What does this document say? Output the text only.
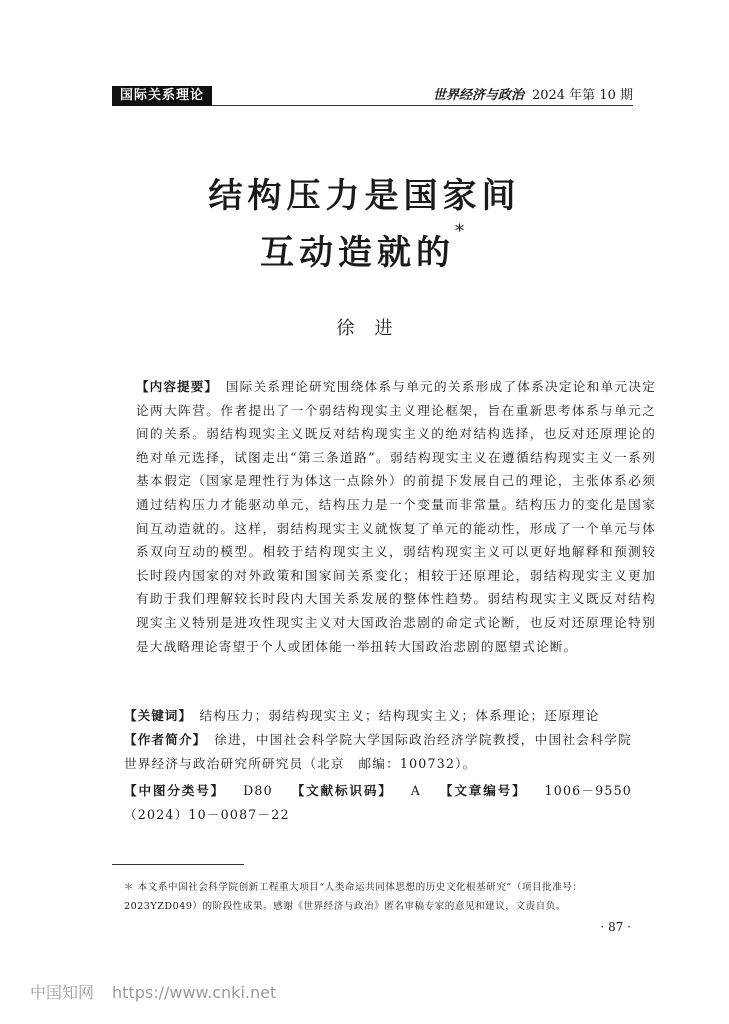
国际关系理论	世界经济与政治 2024 年第 10 期
结构压力是国家间
互动造就的*
徐进
【内容提要】　 国际关系理论研究围绕体系与单元的关系形成了体系决定论和单元决定论两大阵营。作者提出了一个弱结构现实主义理论框架，旨在重新思考体系与单元之间的关系。弱结构现实主义既反对结构现实主义的绝对结构选择，也反对还原理论的绝对单元选择，试图走出“第三条道路”。弱结构现实主义在遵循结构现实主义一系列基本假定（国家是理性行为体这一点除外）的前提下发展自己的理论，主张体系必须通过结构压力才能驱动单元，结构压力是一个变量而非常量。结构压力的变化是国家间互动造就的。这样，弱结构现实主义就恢复了单元的能动性，形成了一个单元与体系双向互动的模型。相较于结构现实主义，弱结构现实主义可以更好地解释和预测较长时段内国家的对外政策和国家间关系变化；相较于还原理论，弱结构现实主义更加有助于我们理解较长时段内大国关系发展的整体性趋势。弱结构现实主义既反对结构现实主义特别是进攻性现实主义对大国政治悲剧的命定式论断，也反对还原理论特别是大战略理论寄望于个人或团体能一举扭转大国政治悲剧的愿望式论断。
【关键词】　 结构压力；弱结构现实主义；结构现实主义；体系理论；还原理论
【作者简介】　 徐进，中国社会科学院大学国际政治经济学院教授，中国社会科学院世界经济与政治研究所研究员（北京　邮编：100732）。
【中图分类号】 D80 【文献标识码】 A 【文章编号】 1006－9550（2024）10－0087－22
＊ 本文系中国社会科学院创新工程重大项目“人类命运共同体思想的历史文化根基研究”（项目批准号：2023YZD049）的阶段性成果。感谢《世界经济与政治》匿名审稿专家的意见和建议，文责自负。
· 87 ·
中国知网 https://www.cnki.net
